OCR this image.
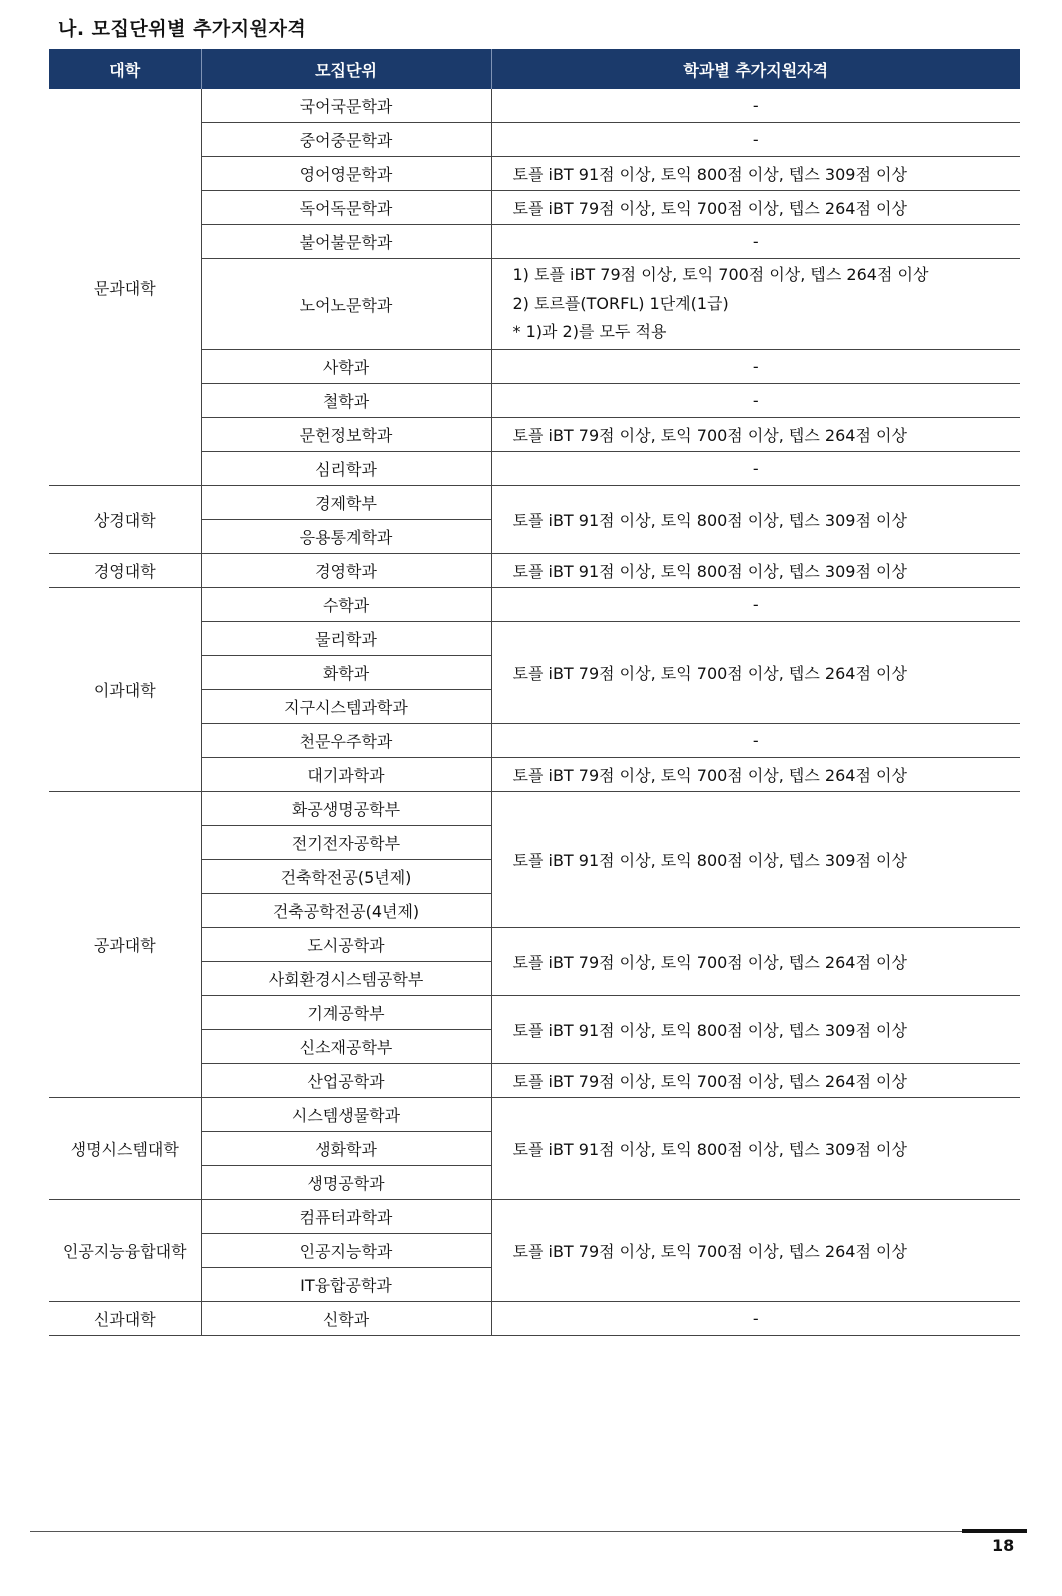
나. 모집단위별 추가지원자격
대학	모집단위	학과별 추가지원자격
문과대학	국어국문학과	-
	중어중문학과	-
	영어영문학과	토플 iBT 91점 이상, 토익 800점 이상, 텝스 309점 이상
	독어독문학과	토플 iBT 79점 이상, 토익 700점 이상, 텝스 264점 이상
	불어불문학과	-
	노어노문학과	1) 토플 iBT 79점 이상, 토익 700점 이상, 텝스 264점 이상
2) 토르플(TORFL) 1단계(1급)
* 1)과 2)를 모두 적용

	사학과	-
	철학과	-
	문헌정보학과	토플 iBT 79점 이상, 토익 700점 이상, 텝스 264점 이상
	심리학과	-
상경대학	경제학부	토플 iBT 91점 이상, 토익 800점 이상, 텝스 309점 이상
	응용통계학과	
경영대학	경영학과	토플 iBT 91점 이상, 토익 800점 이상, 텝스 309점 이상
이과대학	수학과	-
	물리학과	토플 iBT 79점 이상, 토익 700점 이상, 텝스 264점 이상
	화학과	
	지구시스템과학과	
	천문우주학과	-
	대기과학과	토플 iBT 79점 이상, 토익 700점 이상, 텝스 264점 이상
공과대학	화공생명공학부	토플 iBT 91점 이상, 토익 800점 이상, 텝스 309점 이상
	전기전자공학부	
	건축학전공(5년제)	
	건축공학전공(4년제)	
	도시공학과	토플 iBT 79점 이상, 토익 700점 이상, 텝스 264점 이상
	사회환경시스템공학부	
	기계공학부	토플 iBT 91점 이상, 토익 800점 이상, 텝스 309점 이상
	신소재공학부	
	산업공학과	토플 iBT 79점 이상, 토익 700점 이상, 텝스 264점 이상
생명시스템대학	시스템생물학과	토플 iBT 91점 이상, 토익 800점 이상, 텝스 309점 이상
	생화학과	
	생명공학과	
인공지능융합대학	컴퓨터과학과	토플 iBT 79점 이상, 토익 700점 이상, 텝스 264점 이상
	인공지능학과	
	IT융합공학과	
신과대학	신학과	-
18
